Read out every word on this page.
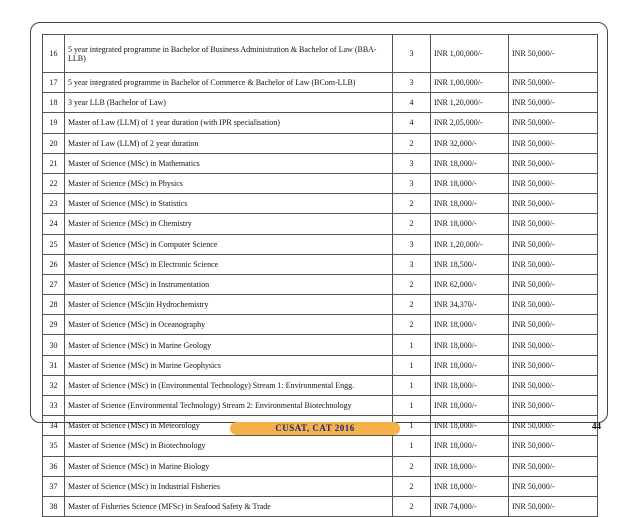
16	5 year integrated programme in Bachelor of Business Administration & Bachelor of Law (BBA-LLB)	3	INR 1,00,000/-	INR 50,000/-
17	5 year integrated programme in Bachelor of Commerce & Bachelor of Law (BCom-LLB)	3	INR 1,00,000/-	INR 50,000/-
18	3 year LLB (Bachelor of Law)	4	INR 1,20,000/-	INR 50,000/-
19	Master of Law (LLM) of 1 year duration (with IPR specialisation)	4	INR 2,05,000/-	INR 50,000/-
20	Master of Law (LLM) of 2 year duration	2	INR 32,000/-	INR 50,000/-
21	Master of Science (MSc) in Mathematics	3	INR 18,000/-	INR 50,000/-
22	Master of Science (MSc) in Physics	3	INR 18,000/-	INR 50,000/-
23	Master of Science (MSc) in Statistics	2	INR 18,000/-	INR 50,000/-
24	Master of Science (MSc) in Chemistry	2	INR 18,000/-	INR 50,000/-
25	Master of Science (MSc) in Computer Science	3	INR 1,20,000/-	INR 50,000/-
26	Master of Science (MSc) in Electronic Science	3	INR 18,500/-	INR 50,000/-
27	Master of Science (MSc) in Instrumentation	2	INR 62,000/-	INR 50,000/-
28	Master of Science (MSc)in Hydrochemistry	2	INR 34,370/-	INR 50,000/-
29	Master of Science (MSc) in Oceanography	2	INR 18,000/-	INR 50,000/-
30	Master of Science (MSc) in Marine Geology	1	INR 18,000/-	INR 50,000/-
31	Master of Science (MSc) in Marine Geophysics	1	INR 18,000/-	INR 50,000/-
32	Master of Science (MSc) in (Environmental Technology) Stream 1: Environmental Engg.	1	INR 18,000/-	INR 50,000/-
33	Master of Science (Environmental Technology) Stream 2: Environmental Biotechnology	1	INR 18,000/-	INR 50,000/-
34	Master of Science (MSc) in Meteorology	1	INR 18,000/-	INR 50,000/-
35	Master of Science (MSc) in Biotechnology	1	INR 18,000/-	INR 50,000/-
36	Master of Science (MSc) in Marine Biology	2	INR 18,000/-	INR 50,000/-
37	Master of Science (MSc) in Industrial Fisheries	2	INR 18,000/-	INR 50,000/-
38	Master of Fisheries Science (MFSc) in Seafood Safety & Trade	2	INR 74,000/-	INR 50,000/-
CUSAT, CAT 2016	44
